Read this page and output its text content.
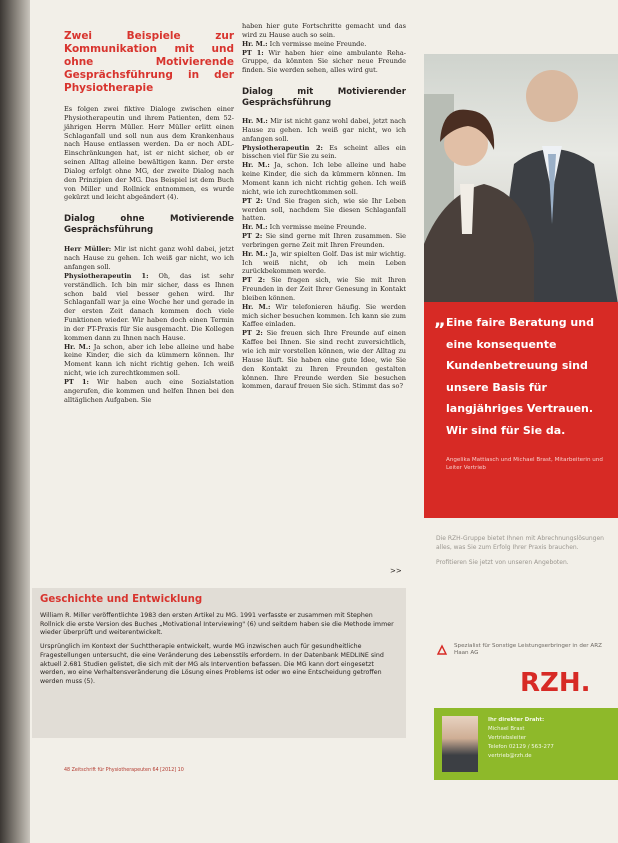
Zwei Beispiele zur Kommunikation mit und ohne Motivierende Gesprächsführung in der Physiotherapie

Es folgen zwei fiktive Dialoge zwischen einer Physiotherapeutin und ihrem Patienten, dem 52-jährigen Herrn Müller. Herr Müller erlitt einen Schlaganfall und soll nun aus dem Krankenhaus nach Hause entlassen werden. Da er noch ADL-Einschränkungen hat, ist er nicht sicher, ob er seinen Alltag alleine bewältigen kann. Der erste Dialog erfolgt ohne MG, der zweite Dialog nach den Prinzipien der MG. Das Beispiel ist dem Buch von Miller und Rollnick entnommen, es wurde gekürzt und leicht abgeändert (4).

Dialog ohne Motivierende Gesprächsführung

Herr Müller: Mir ist nicht ganz wohl dabei, jetzt nach Hause zu gehen. Ich weiß gar nicht, wo ich anfangen soll.

Physiotherapeutin 1: Oh, das ist sehr verständlich. Ich bin mir sicher, dass es Ihnen schon bald viel besser gehen wird. Ihr Schlaganfall war ja eine Woche her und gerade in der ersten Zeit danach kommen doch viele Funktionen wieder. Wir haben doch einen Termin in der PT-Praxis für Sie ausgemacht. Die Kollegen kommen dann zu Ihnen nach Hause.

Hr. M.: Ja schon, aber ich lebe alleine und habe keine Kinder, die sich da kümmern können. Ihr Moment kann ich nicht richtig gehen. Ich weiß nicht, wie ich zurechtkommen soll.

PT 1: Wir haben auch eine Sozialstation angerufen, die kommen und helfen Ihnen bei den alltäglichen Aufgaben. Sie

haben hier gute Fortschritte gemacht und das wird zu Hause auch so sein.

Hr. M.: Ich vermisse meine Freunde.

PT 1: Wir haben hier eine ambulante Reha-Gruppe, da könnten Sie sicher neue Freunde finden. Sie werden sehen, alles wird gut.

Dialog mit Motivierender Gesprächsführung

Hr. M.: Mir ist nicht ganz wohl dabei, jetzt nach Hause zu gehen. Ich weiß gar nicht, wo ich anfangen soll.

Physiotherapeutin 2: Es scheint alles ein bisschen viel für Sie zu sein.

Hr. M.: Ja, schon. Ich lebe alleine und habe keine Kinder, die sich da kümmern können. Im Moment kann ich nicht richtig gehen. Ich weiß nicht, wie ich zurechtkommen soll.

PT 2: Und Sie fragen sich, wie sie Ihr Leben werden soll, nachdem Sie diesen Schlaganfall hatten.

Hr. M.: Ich vermisse meine Freunde.

PT 2: Sie sind gerne mit Ihren zusammen. Sie verbringen gerne Zeit mit Ihren Freunden.

Hr. M.: Ja, wir spielten Golf. Das ist mir wichtig. Ich weiß nicht, ob ich mein Leben zurückbekommen werde.

PT 2: Sie fragen sich, wie Sie mit Ihren Freunden in der Zeit Ihrer Genesung in Kontakt bleiben können.

Hr. M.: Wir telefonieren häufig. Sie werden mich sicher besuchen kommen. Ich kann sie zum Kaffee einladen.

PT 2: Sie freuen sich Ihre Freunde auf einen Kaffee bei Ihnen. Sie sind recht zuversichtlich, wie ich mir vorstellen können, wie der Alltag zu Hause läuft. Sie haben eine gute Idee, wie Sie den Kontakt zu Ihren Freunden gestalten können. Ihre Freunde werden Sie besuchen kommen, darauf freuen Sie sich. Stimmt das so?

>>
Geschichte und Entwicklung

William R. Miller veröffentlichte 1983 den ersten Artikel zu MG. 1991 verfasste er zusammen mit Stephen Rollnick die erste Version des Buches „Motivational Interviewing" (6) und seitdem haben sie die Methode immer wieder überprüft und weiterentwickelt.

Ursprünglich im Kontext der Suchttherapie entwickelt, wurde MG inzwischen auch für gesundheitliche Fragestellungen untersucht, die eine Veränderung des Lebensstils erfordern. In der Datenbank MEDLINE sind aktuell 2.681 Studien gelistet, die sich mit der MG als Intervention befassen. Die MG kann dort eingesetzt werden, wo eine Verhaltensveränderung die Lösung eines Problems ist oder wo eine Entscheidung getroffen werden muss (5).

„ Eine faire Beratung und eine konsequente Kundenbetreuung sind unsere Basis für langjähriges Vertrauen. Wir sind für Sie da.
Angelika Mattiasch und Michael Brast, Mitarbeiterin und Leiter Vertrieb
Die RZH-Gruppe bietet Ihnen mit Abrechnungslösungen alles, was Sie zum Erfolg Ihrer Praxis brauchen.
Profitieren Sie jetzt von unseren Angeboten.
Spezialist für Sonstige Leistungserbringer in der ARZ Haan AG
RZH.
Ihr direkter Draht:
Michael Brast
Vertriebsleiter
Telefon 02129 / 563-277
vertrieb@rzh.de
48 Zeitschrift für Physiotherapeuten 64 [2012] 10
